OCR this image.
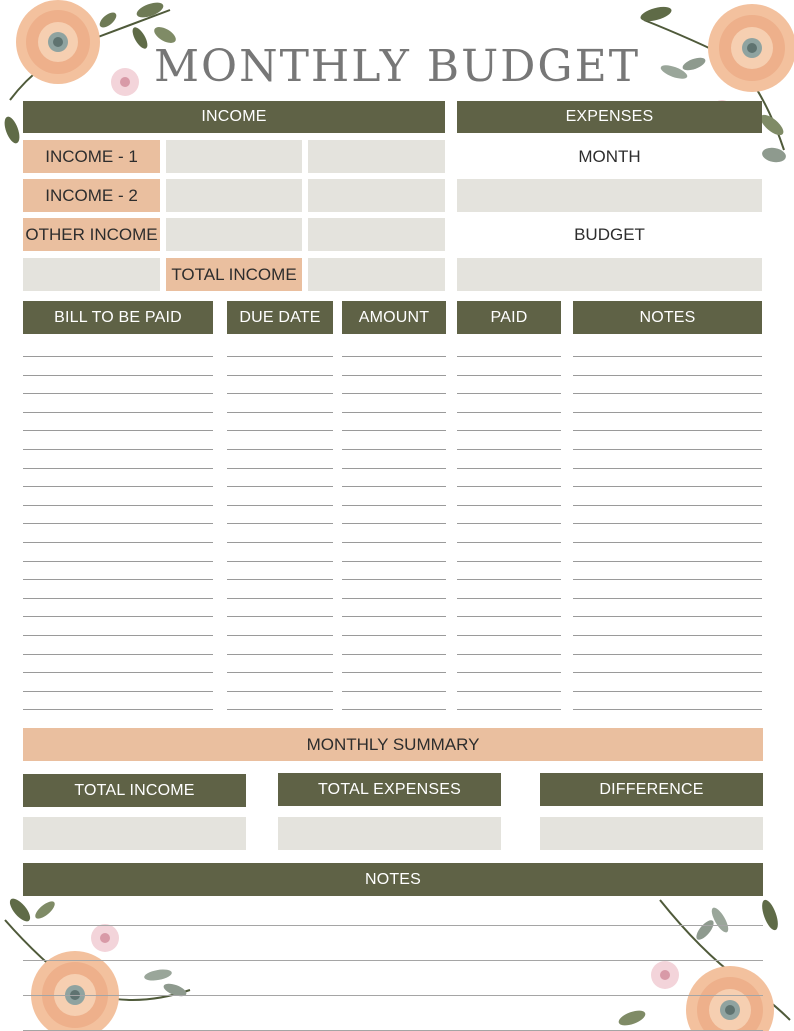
MONTHLY BUDGET
INCOME
INCOME - 1
INCOME - 2
OTHER INCOME
TOTAL INCOME
EXPENSES
MONTH
BUDGET
BILL TO BE PAID	DUE DATE	AMOUNT	PAID	NOTES
MONTHLY SUMMARY
TOTAL INCOME	TOTAL EXPENSES	DIFFERENCE
NOTES
